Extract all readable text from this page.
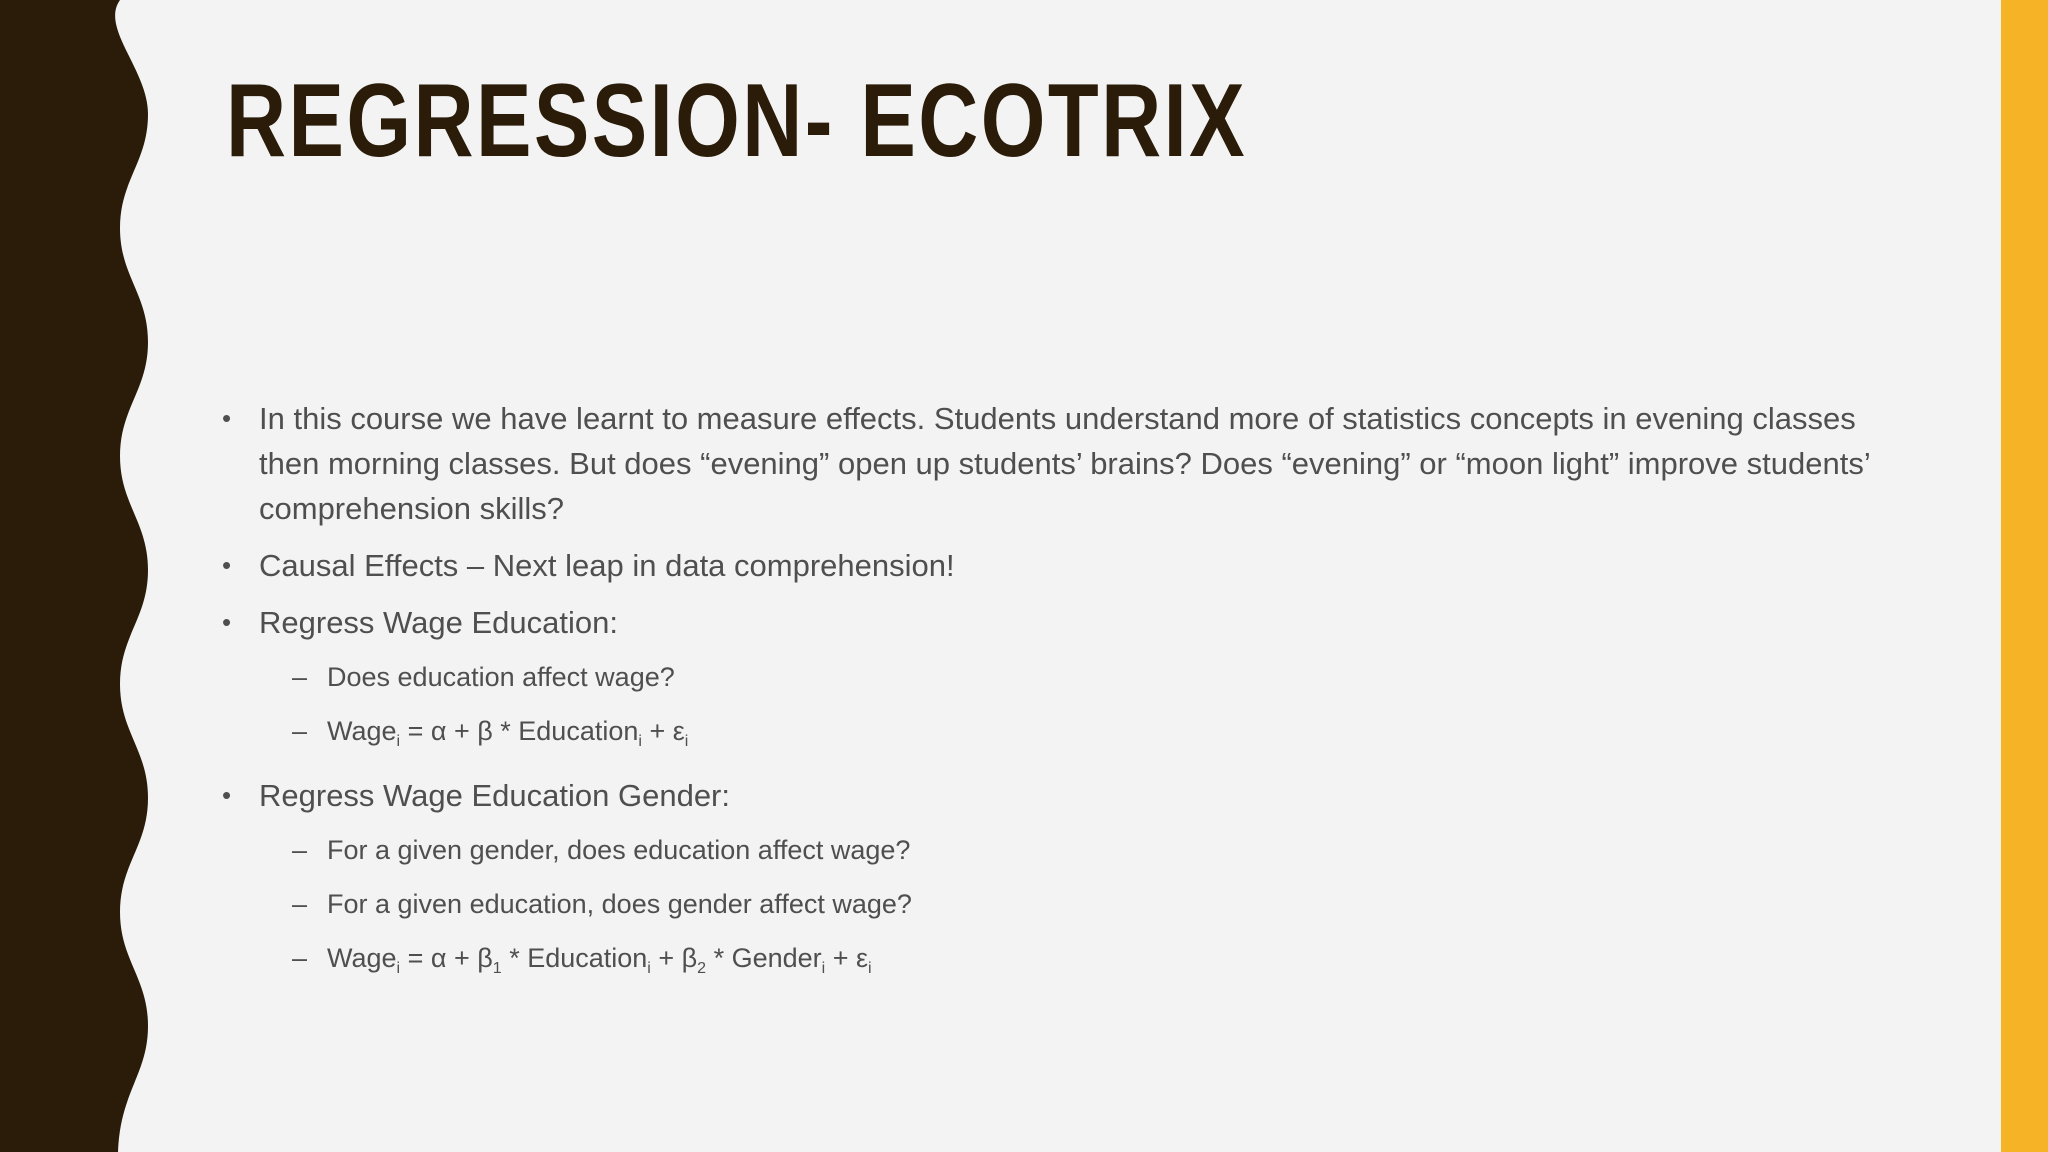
REGRESSION- ECOTRIX
• In this course we have learnt to measure effects. Students understand more of statistics concepts in evening classes then morning classes. But does “evening” open up students’ brains? Does “evening” or “moon light” improve students’ comprehension skills?
• Causal Effects – Next leap in data comprehension!
• Regress Wage Education:
– Does education affect wage?
– Wage$_i$ = α + β * Education$_i$ + $\varepsilon_i$
• Regress Wage Education Gender:
– For a given gender, does education affect wage?
– For a given education, does gender affect wage?
– Wage$_i$ = $\alpha + \beta_1$ * Education$_i$ + $\beta_2$ * Gender$_i$ + $\varepsilon_i$
